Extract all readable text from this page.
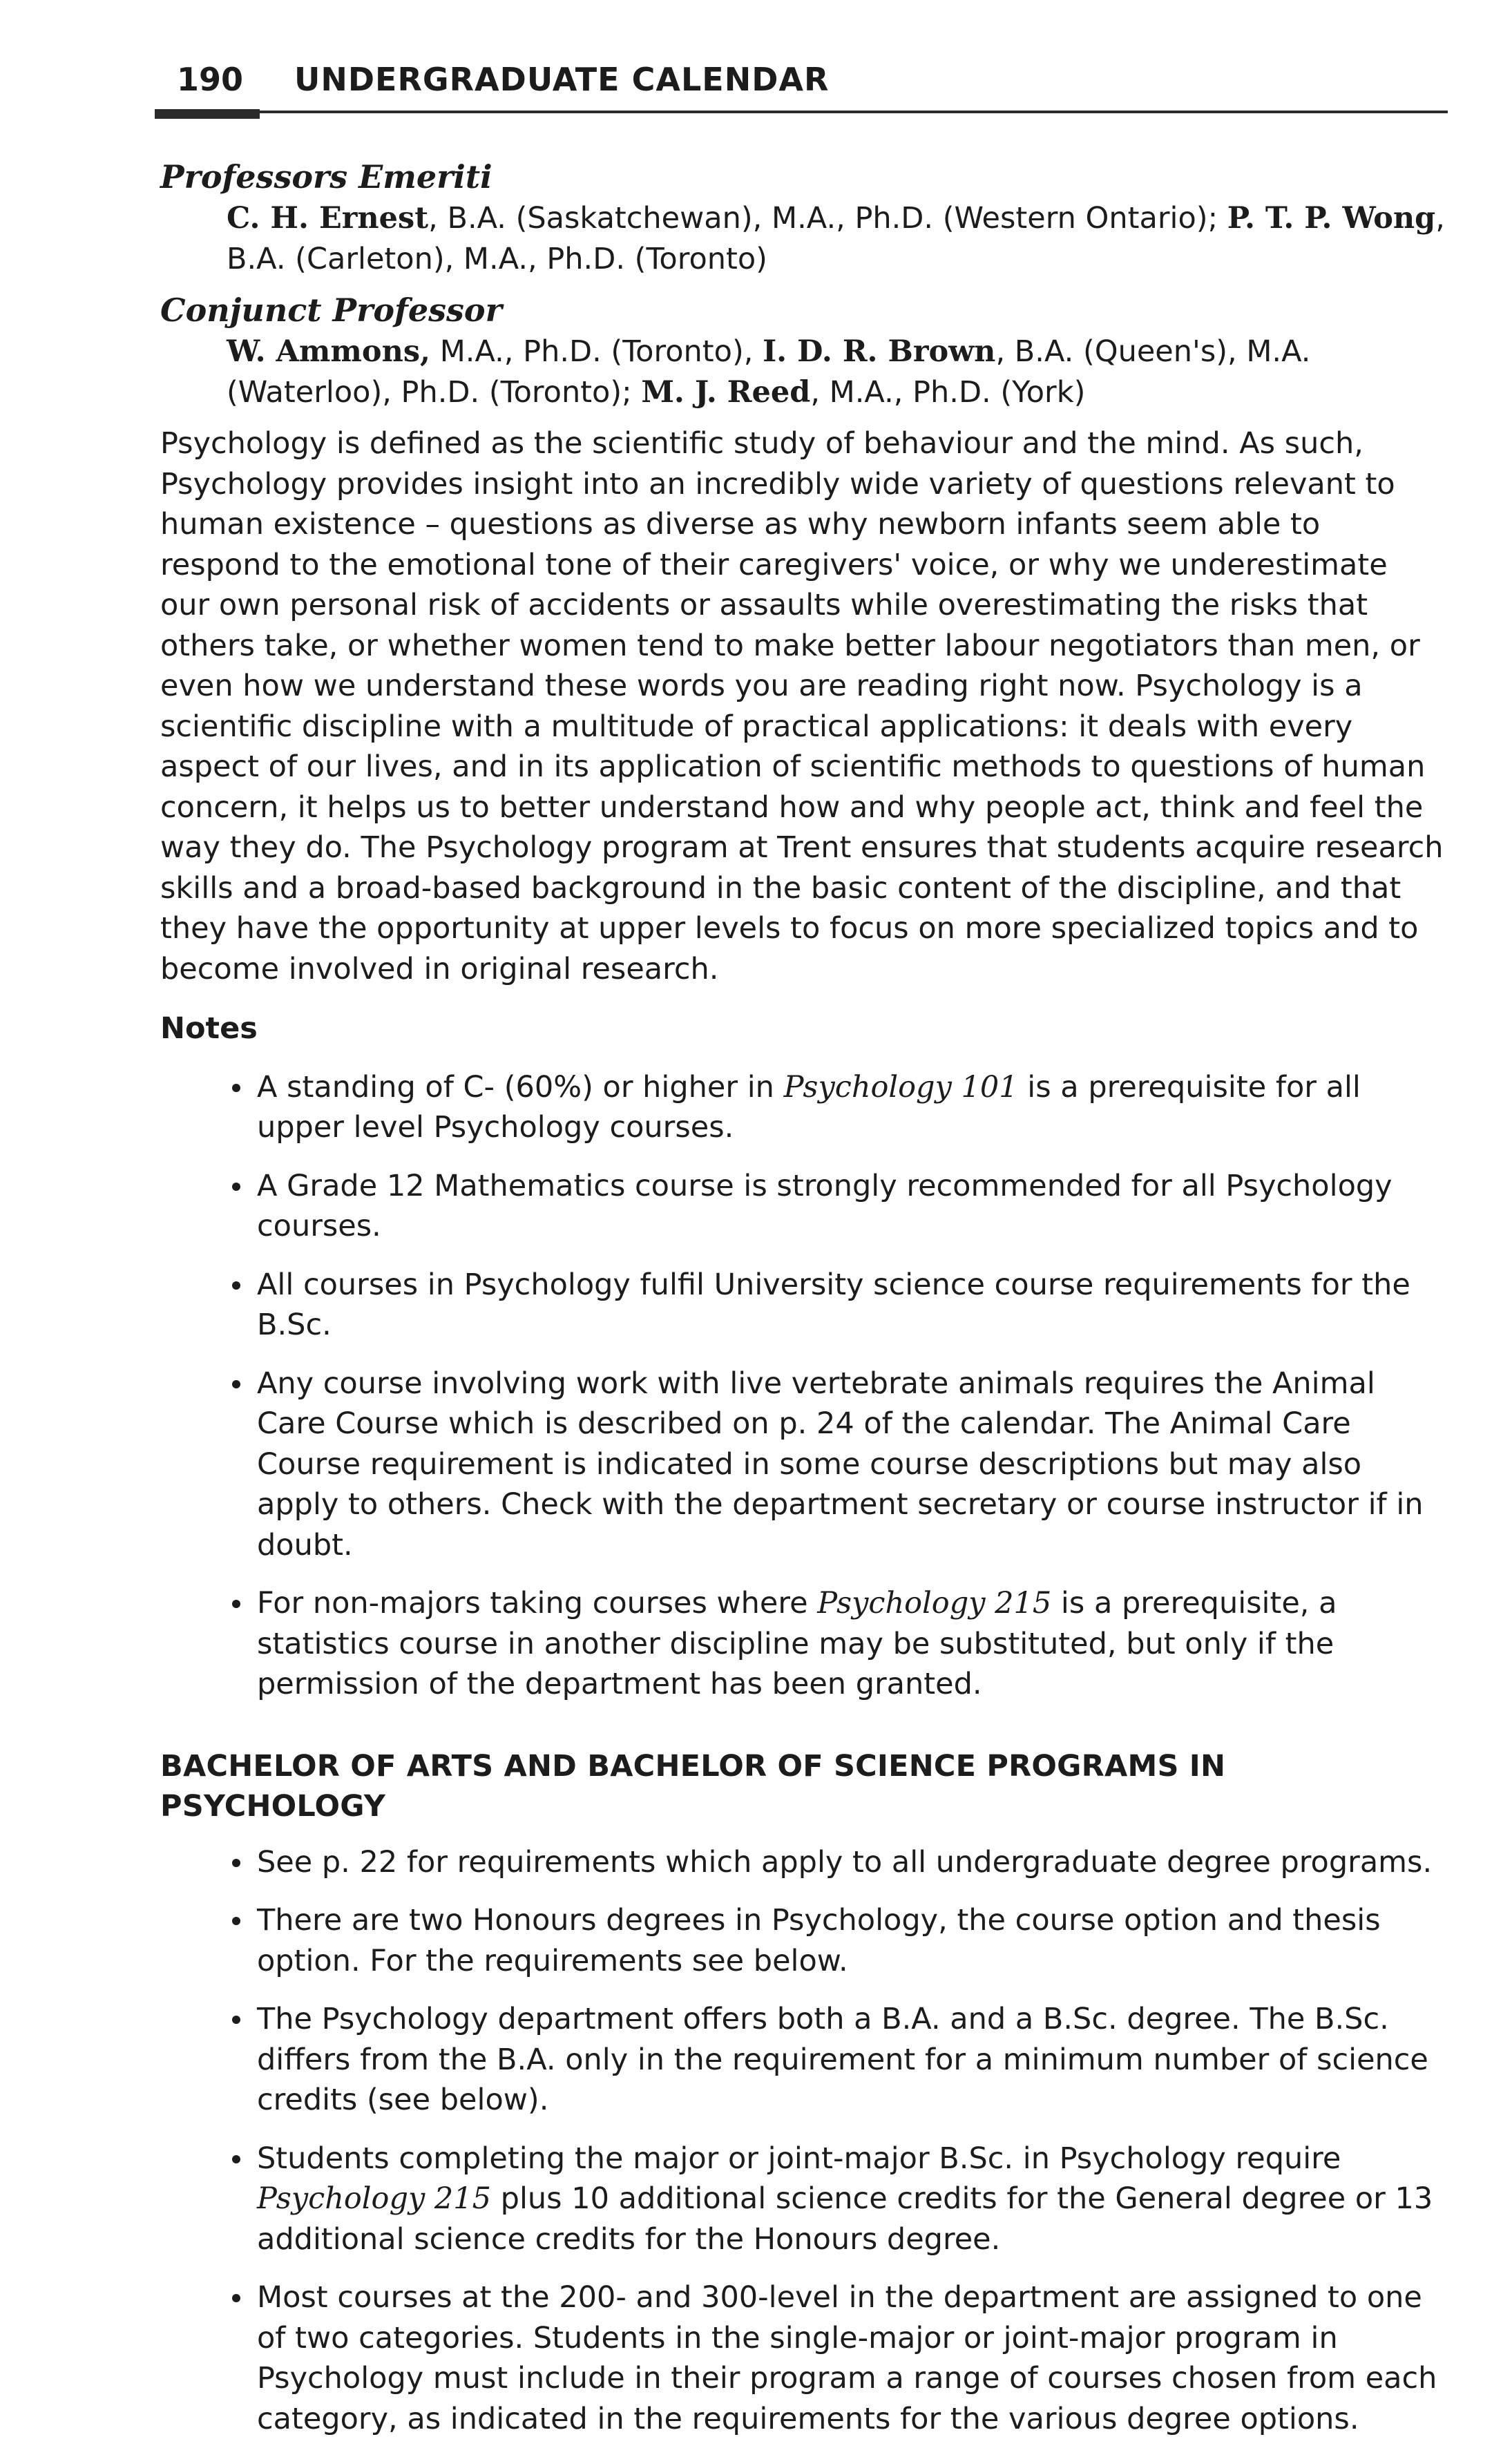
190 UNDERGRADUATE CALENDAR

Professors Emeriti

C. H. Ernest, B.A. (Saskatchewan), M.A., Ph.D. (Western Ontario); P. T. P. Wong, B.A. (Carleton), M.A., Ph.D. (Toronto)

Conjunct Professor

W. Ammons, M.A., Ph.D. (Toronto), I. D. R. Brown, B.A. (Queen's), M.A. (Waterloo), Ph.D. (Toronto); M. J. Reed, M.A., Ph.D. (York)

Psychology is defined as the scientific study of behaviour and the mind. As such, Psychology provides insight into an incredibly wide variety of questions relevant to human existence – questions as diverse as why newborn infants seem able to respond to the emotional tone of their caregivers' voice, or why we underestimate our own personal risk of accidents or assaults while overestimating the risks that others take, or whether women tend to make better labour negotiators than men, or even how we understand these words you are reading right now. Psychology is a scientific discipline with a multitude of practical applications: it deals with every aspect of our lives, and in its application of scientific methods to questions of human concern, it helps us to better understand how and why people act, think and feel the way they do. The Psychology program at Trent ensures that students acquire research skills and a broad-based background in the basic content of the discipline, and that they have the opportunity at upper levels to focus on more specialized topics and to become involved in original research.

Notes

A standing of C- (60%) or higher in Psychology 101 is a prerequisite for all upper level Psychology courses.
A Grade 12 Mathematics course is strongly recommended for all Psychology courses.
All courses in Psychology fulfil University science course requirements for the B.Sc.
Any course involving work with live vertebrate animals requires the Animal Care Course which is described on p. 24 of the calendar. The Animal Care Course requirement is indicated in some course descriptions but may also apply to others. Check with the department secretary or course instructor if in doubt.
For non-majors taking courses where Psychology 215 is a prerequisite, a statistics course in another discipline may be substituted, but only if the permission of the department has been granted.

BACHELOR OF ARTS AND BACHELOR OF SCIENCE PROGRAMS IN PSYCHOLOGY

See p. 22 for requirements which apply to all undergraduate degree programs.
There are two Honours degrees in Psychology, the course option and thesis option. For the requirements see below.
The Psychology department offers both a B.A. and a B.Sc. degree. The B.Sc. differs from the B.A. only in the requirement for a minimum number of science credits (see below).
Students completing the major or joint-major B.Sc. in Psychology require Psychology 215 plus 10 additional science credits for the General degree or 13 additional science credits for the Honours degree.
Most courses at the 200- and 300-level in the department are assigned to one of two categories. Students in the single-major or joint-major program in Psychology must include in their program a range of courses chosen from each category, as indicated in the requirements for the various degree options.
